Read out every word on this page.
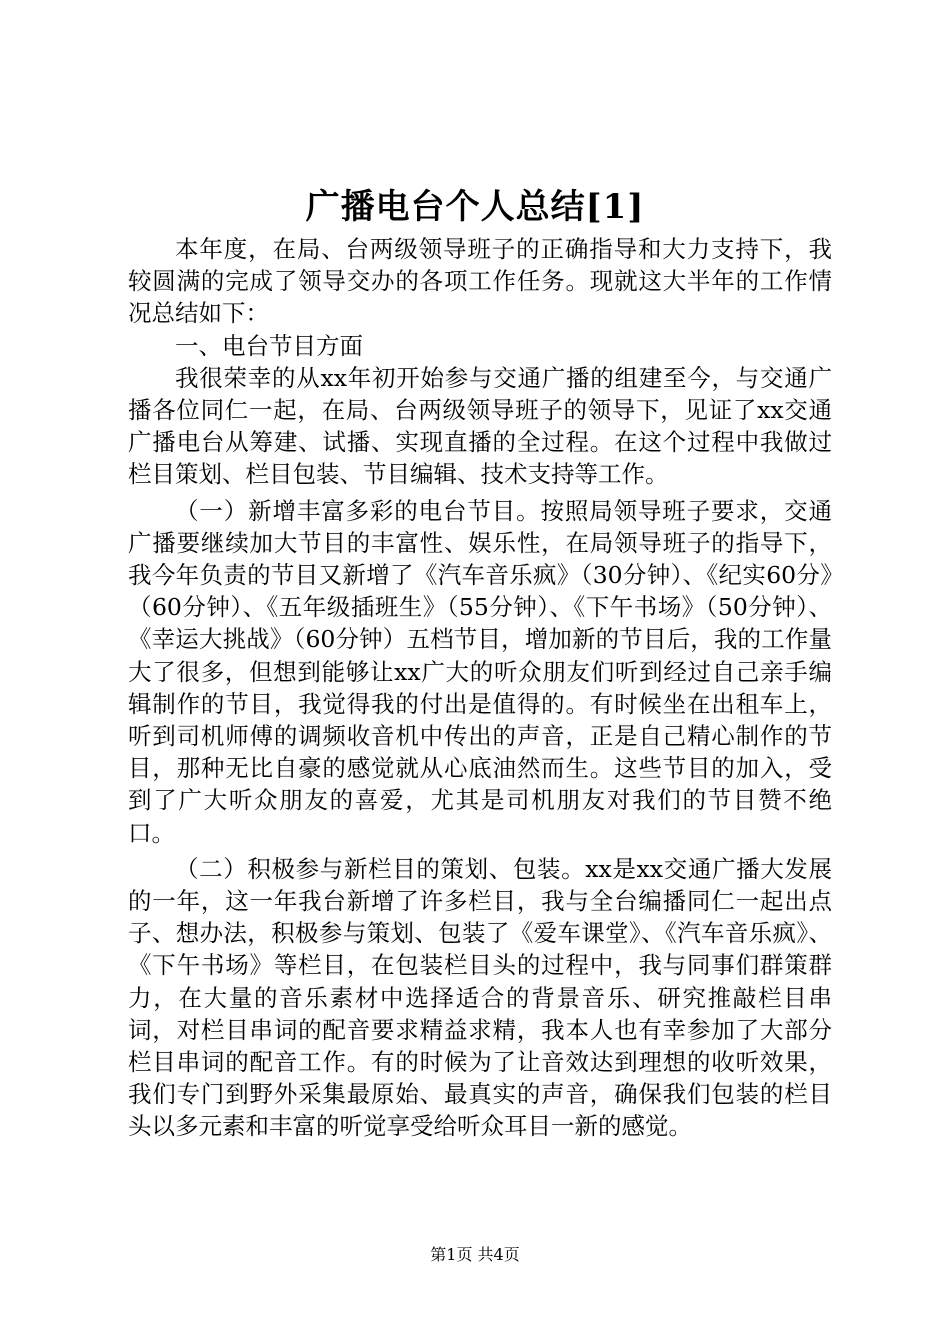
广播电台个人总结[1]

本年度，在局、台两级领导班子的正确指导和大力支持下，我较圆满的完成了领导交办的各项工作任务。现就这大半年的工作情况总结如下：

一、电台节目方面

我很荣幸的从xx年初开始参与交通广播的组建至今，与交通广播各位同仁一起，在局、台两级领导班子的领导下，见证了xx交通广播电台从筹建、试播、实现直播的全过程。在这个过程中我做过栏目策划、栏目包装、节目编辑、技术支持等工作。

（一）新增丰富多彩的电台节目。按照局领导班子要求，交通广播要继续加大节目的丰富性、娱乐性，在局领导班子的指导下，我今年负责的节目又新增了《汽车音乐疯》（30分钟）、《纪实60分》（60分钟）、《五年级插班生》（55分钟）、《下午书场》（50分钟）、《幸运大挑战》（60分钟）五档节目，增加新的节目后，我的工作量大了很多，但想到能够让xx广大的听众朋友们听到经过自己亲手编辑制作的节目，我觉得我的付出是值得的。有时候坐在出租车上，听到司机师傅的调频收音机中传出的声音，正是自己精心制作的节目，那种无比自豪的感觉就从心底油然而生。这些节目的加入，受到了广大听众朋友的喜爱，尤其是司机朋友对我们的节目赞不绝口。

（二）积极参与新栏目的策划、包装。xx是xx交通广播大发展的一年，这一年我台新增了许多栏目，我与全台编播同仁一起出点子、想办法，积极参与策划、包装了《爱车课堂》、《汽车音乐疯》、《下午书场》等栏目，在包装栏目头的过程中，我与同事们群策群力，在大量的音乐素材中选择适合的背景音乐、研究推敲栏目串词，对栏目串词的配音要求精益求精，我本人也有幸参加了大部分栏目串词的配音工作。有的时候为了让音效达到理想的收听效果，我们专门到野外采集最原始、最真实的声音，确保我们包装的栏目头以多元素和丰富的听觉享受给听众耳目一新的感觉。

第1页 共4页
